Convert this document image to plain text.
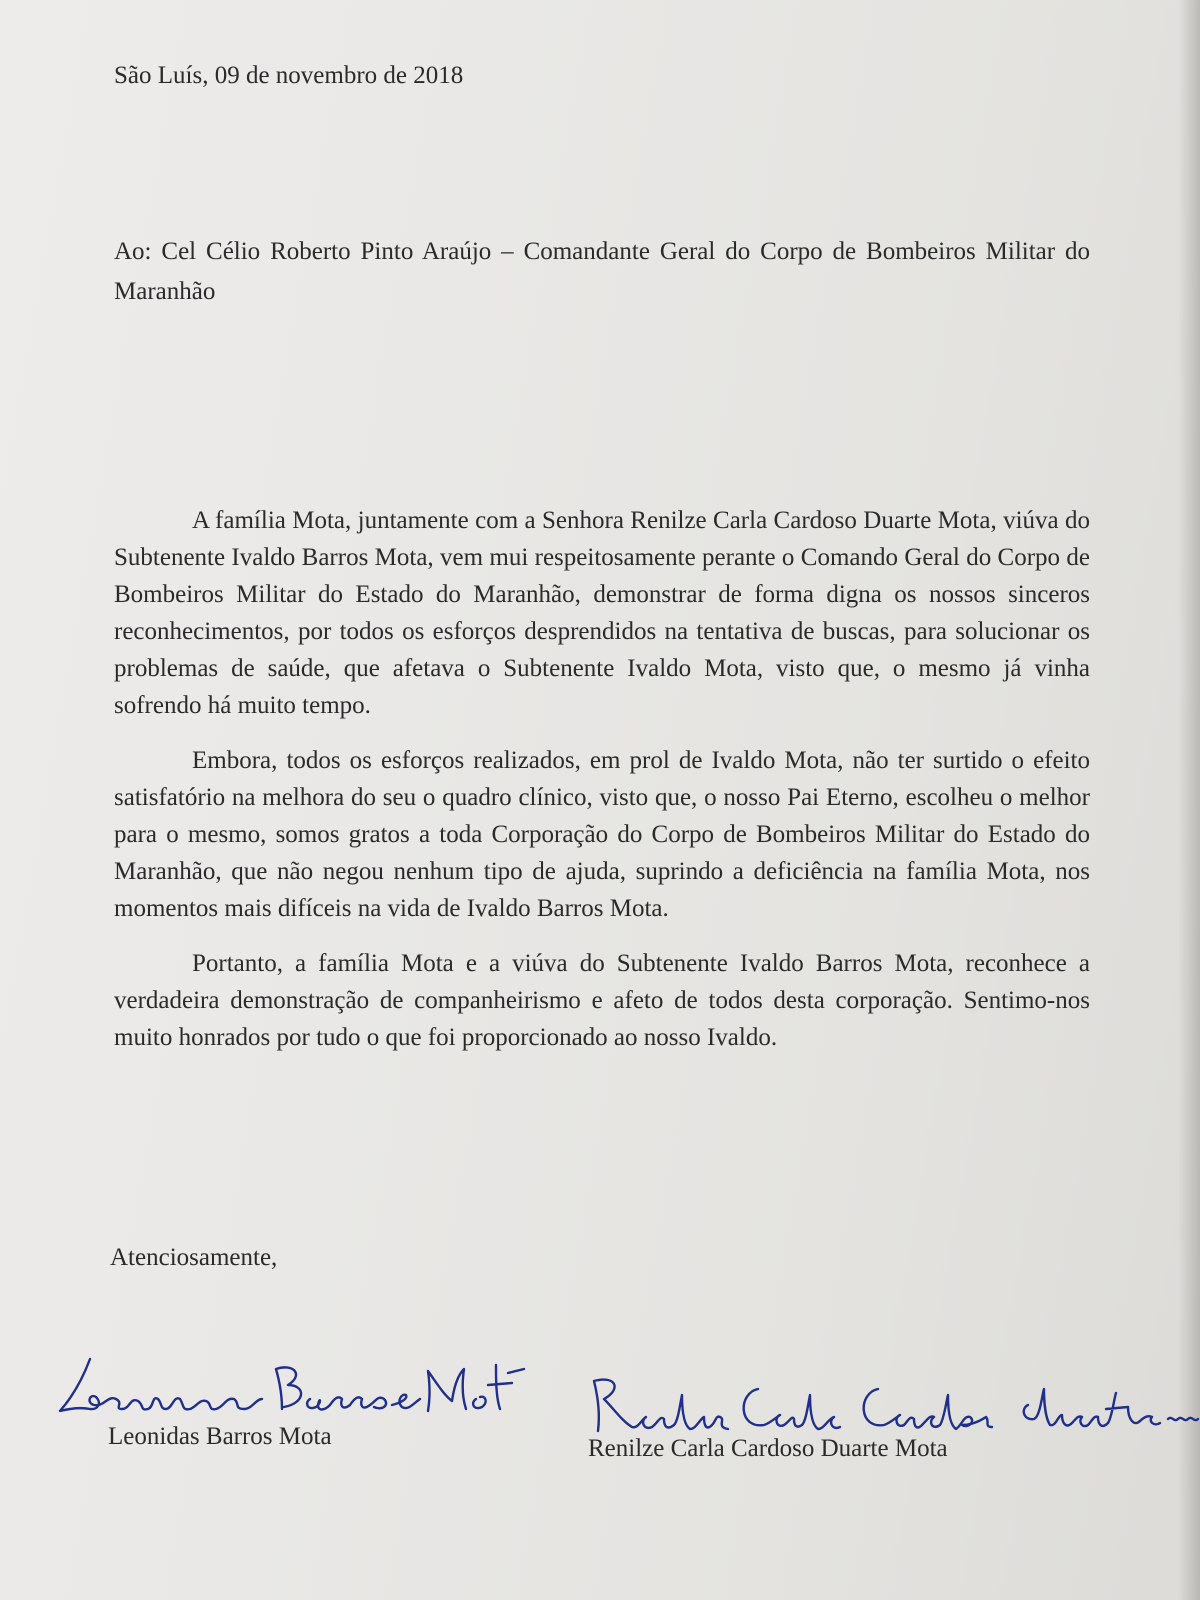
São Luís, 09 de novembro de 2018
Ao: Cel Célio Roberto Pinto Araújo – Comandante Geral do Corpo de Bombeiros Militar do Maranhão

A família Mota, juntamente com a Senhora Renilze Carla Cardoso Duarte Mota, viúva do Subtenente Ivaldo Barros Mota, vem mui respeitosamente perante o Comando Geral do Corpo de Bombeiros Militar do Estado do Maranhão, demonstrar de forma digna os nossos sinceros reconhecimentos, por todos os esforços desprendidos na tentativa de buscas, para solucionar os problemas de saúde, que afetava o Subtenente Ivaldo Mota, visto que, o mesmo já vinha sofrendo há muito tempo.

Embora, todos os esforços realizados, em prol de Ivaldo Mota, não ter surtido o efeito satisfatório na melhora do seu o quadro clínico, visto que, o nosso Pai Eterno, escolheu o melhor para o mesmo, somos gratos a toda Corporação do Corpo de Bombeiros Militar do Estado do Maranhão, que não negou nenhum tipo de ajuda, suprindo a deficiência na família Mota, nos momentos mais difíceis na vida de Ivaldo Barros Mota.

Portanto, a família Mota e a viúva do Subtenente Ivaldo Barros Mota, reconhece a verdadeira demonstração de companheirismo e afeto de todos desta corporação. Sentimo-nos muito honrados por tudo o que foi proporcionado ao nosso Ivaldo.

Atenciosamente,
Leonidas Barros Mota	Renilze Carla Cardoso Duarte Mota
